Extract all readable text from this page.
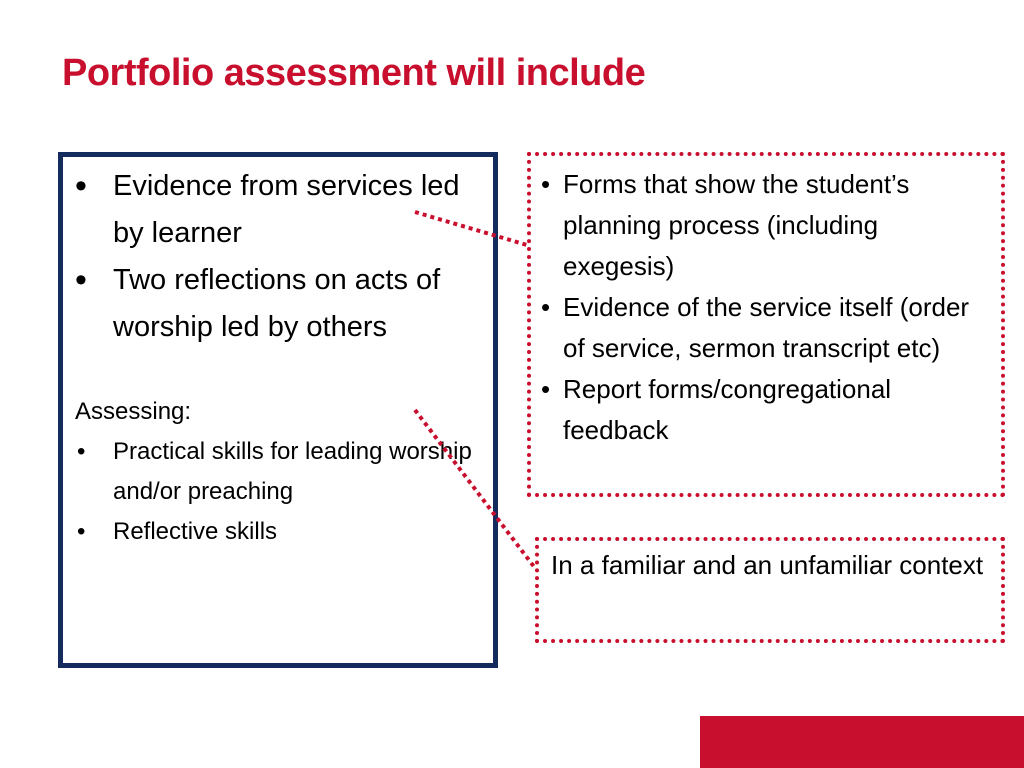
Portfolio assessment will include
• Evidence from services led by learner
• Two reflections on acts of worship led by others

Assessing:

• Practical skills for leading worship and/or preaching
• Reflective skills
• Forms that show the student’s planning process (including exegesis)
• Evidence of the service itself (order of service, sermon transcript etc)
• Report forms/congregational feedback
In a familiar and an unfamiliar context
